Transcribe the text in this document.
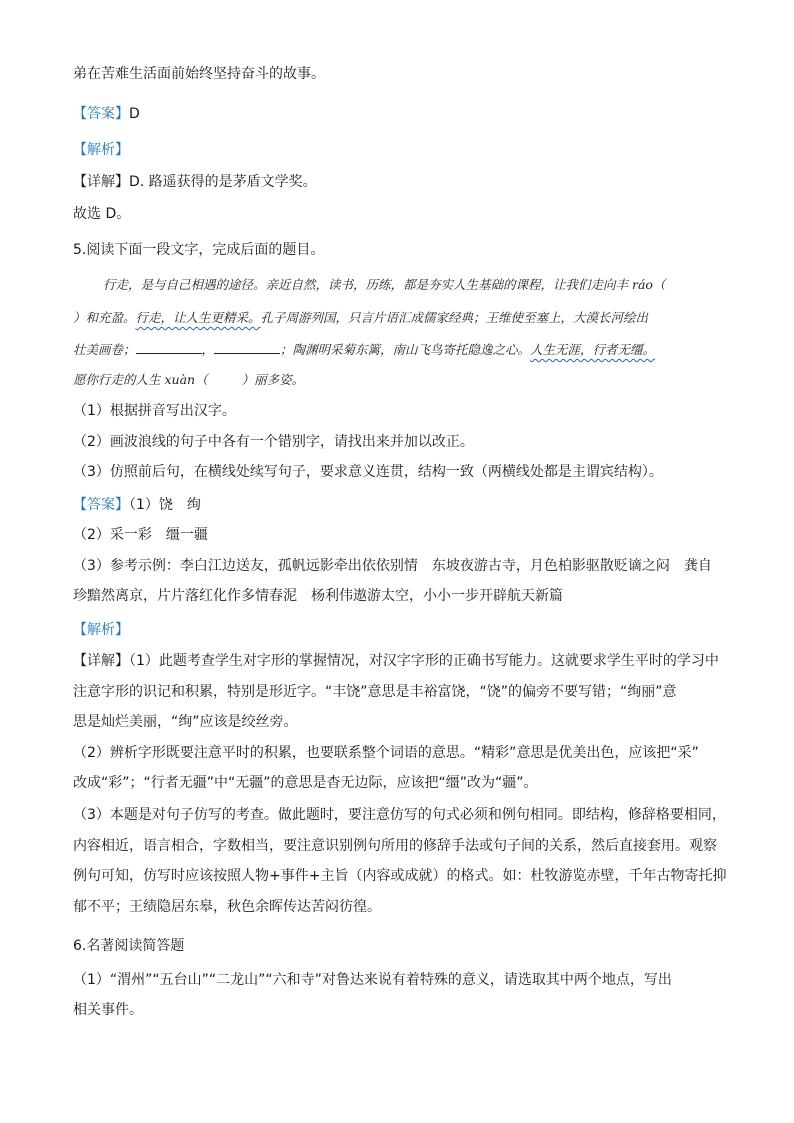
弟在苦难生活面前始终坚持奋斗的故事。
【答案】D
【解析】
【详解】D. 路遥获得的是茅盾文学奖。
故选 D。
5.阅读下面一段文字，完成后面的题目。
行走，是与自己相遇的途径。亲近自然，读书，历练，都是夯实人生基础的课程，让我们走向丰 ráo（
）和充盈。行走，让人生更精采。孔子周游列国，只言片语汇成儒家经典；王维使至塞上，大漠长河绘出
壮美画卷；	，	；陶渊明采菊东篱，南山飞鸟寄托隐逸之心。人生无涯，行者无缰。
愿你行走的人生 xuàn（	）丽多姿。
（1）根据拼音写出汉字。
（2）画波浪线的句子中各有一个错别字，请找出来并加以改正。
（3）仿照前后句，在横线处续写句子，要求意义连贯，结构一致（两横线处都是主谓宾结构）。
【答案】（1）饶　绚
（2）采一彩　缰一疆
（3）参考示例：李白江边送友，孤帆远影牵出依依别情　东坡夜游古寺，月色柏影驱散贬谪之闷　龚自
珍黯然离京，片片落红化作多情春泥　杨利伟遨游太空，小小一步开辟航天新篇
【解析】
【详解】（1）此题考查学生对字形的掌握情况，对汉字字形的正确书写能力。这就要求学生平时的学习中
注意字形的识记和积累，特别是形近字。“丰饶”意思是丰裕富饶，“饶”的偏旁不要写错；“绚丽”意
思是灿烂美丽，“绚”应该是绞丝旁。
（2）辨析字形既要注意平时的积累，也要联系整个词语的意思。“精彩”意思是优美出色，应该把“采”
改成“彩”；“行者无疆”中“无疆”的意思是杳无边际，应该把“缰”改为“疆”。
（3）本题是对句子仿写的考查。做此题时，要注意仿写的句式必须和例句相同。即结构，修辞格要相同，
内容相近，语言相合，字数相当，要注意识别例句所用的修辞手法或句子间的关系，然后直接套用。观察
例句可知，仿写时应该按照人物+事件+主旨（内容或成就）的格式。如：杜牧游览赤壁，千年古物寄托抑
郁不平；王绩隐居东皋，秋色余晖传达苦闷彷徨。
6.名著阅读简答题
（1）“渭州”“五台山”“二龙山”“六和寺”对鲁达来说有着特殊的意义，请选取其中两个地点，写出
相关事件。
